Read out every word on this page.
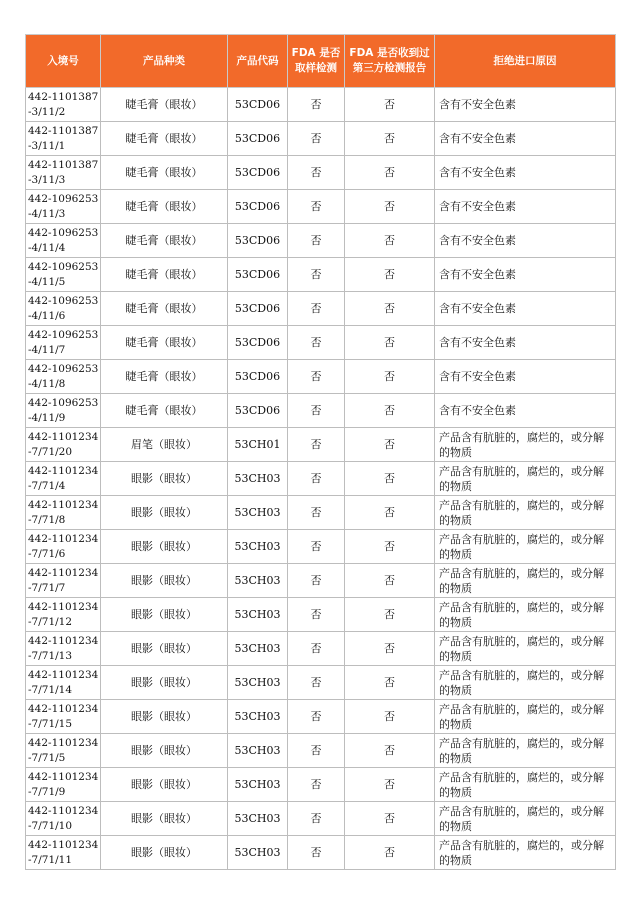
入境号	产品种类	产品代码	FDA 是否取样检测	FDA 是否收到过第三方检测报告	拒绝进口原因
442-1101387-3/11/2	睫毛膏（眼妆）	53CD06	否	否	含有不安全色素
442-1101387-3/11/1	睫毛膏（眼妆）	53CD06	否	否	含有不安全色素
442-1101387-3/11/3	睫毛膏（眼妆）	53CD06	否	否	含有不安全色素
442-1096253-4/11/3	睫毛膏（眼妆）	53CD06	否	否	含有不安全色素
442-1096253-4/11/4	睫毛膏（眼妆）	53CD06	否	否	含有不安全色素
442-1096253-4/11/5	睫毛膏（眼妆）	53CD06	否	否	含有不安全色素
442-1096253-4/11/6	睫毛膏（眼妆）	53CD06	否	否	含有不安全色素
442-1096253-4/11/7	睫毛膏（眼妆）	53CD06	否	否	含有不安全色素
442-1096253-4/11/8	睫毛膏（眼妆）	53CD06	否	否	含有不安全色素
442-1096253-4/11/9	睫毛膏（眼妆）	53CD06	否	否	含有不安全色素
442-1101234-7/71/20	眉笔（眼妆）	53CH01	否	否	产品含有肮脏的，腐烂的，或分解的物质
442-1101234-7/71/4	眼影（眼妆）	53CH03	否	否	产品含有肮脏的，腐烂的，或分解的物质
442-1101234-7/71/8	眼影（眼妆）	53CH03	否	否	产品含有肮脏的，腐烂的，或分解的物质
442-1101234-7/71/6	眼影（眼妆）	53CH03	否	否	产品含有肮脏的，腐烂的，或分解的物质
442-1101234-7/71/7	眼影（眼妆）	53CH03	否	否	产品含有肮脏的，腐烂的，或分解的物质
442-1101234-7/71/12	眼影（眼妆）	53CH03	否	否	产品含有肮脏的，腐烂的，或分解的物质
442-1101234-7/71/13	眼影（眼妆）	53CH03	否	否	产品含有肮脏的，腐烂的，或分解的物质
442-1101234-7/71/14	眼影（眼妆）	53CH03	否	否	产品含有肮脏的，腐烂的，或分解的物质
442-1101234-7/71/15	眼影（眼妆）	53CH03	否	否	产品含有肮脏的，腐烂的，或分解的物质
442-1101234-7/71/5	眼影（眼妆）	53CH03	否	否	产品含有肮脏的，腐烂的，或分解的物质
442-1101234-7/71/9	眼影（眼妆）	53CH03	否	否	产品含有肮脏的，腐烂的，或分解的物质
442-1101234-7/71/10	眼影（眼妆）	53CH03	否	否	产品含有肮脏的，腐烂的，或分解的物质
442-1101234-7/71/11	眼影（眼妆）	53CH03	否	否	产品含有肮脏的，腐烂的，或分解的物质
